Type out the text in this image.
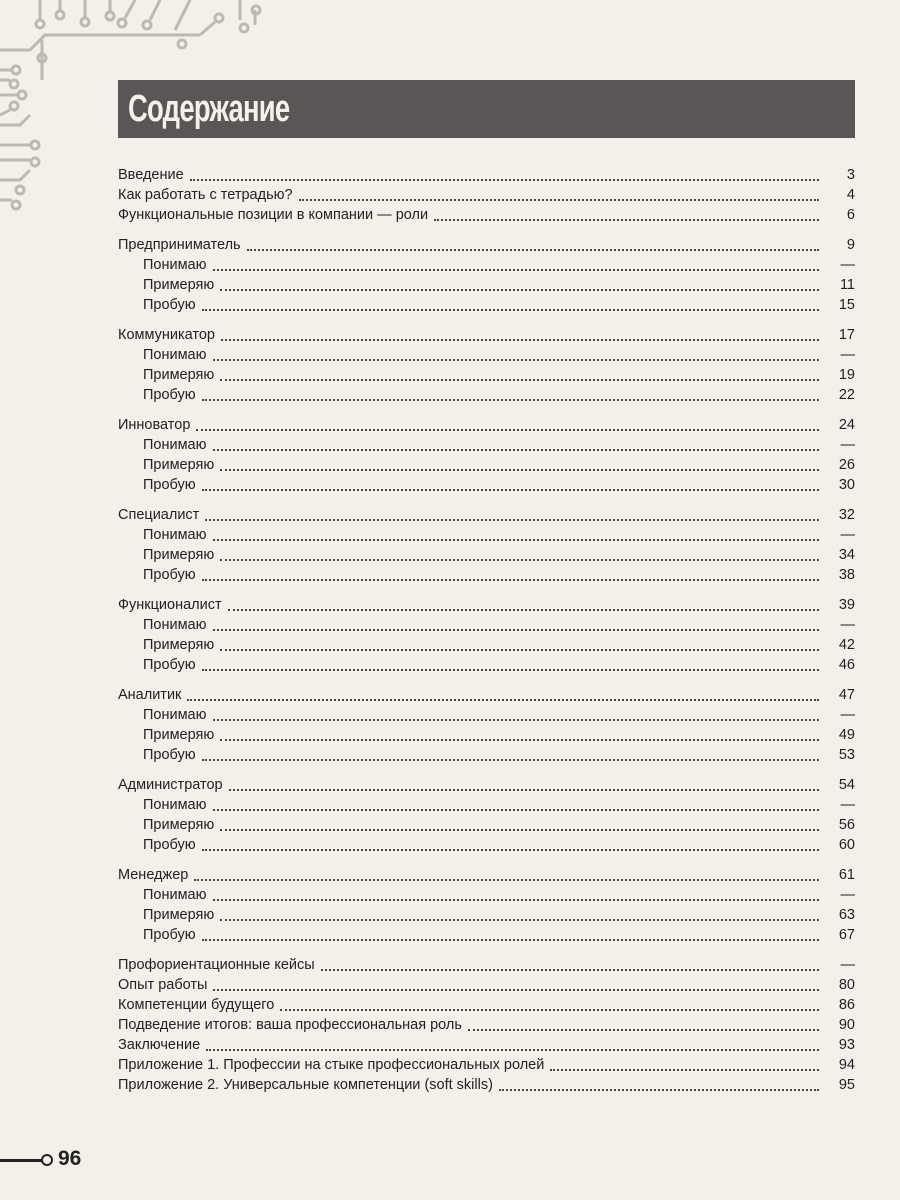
Содержание
Введение	3
Как работать с тетрадью?	4
Функциональные позиции в компании — роли	6
Предприниматель	9
Понимаю	—
Примеряю	11
Пробую	15
Коммуникатор	17
Понимаю	—
Примеряю	19
Пробую	22
Инноватор	24
Понимаю	—
Примеряю	26
Пробую	30
Специалист	32
Понимаю	—
Примеряю	34
Пробую	38
Функционалист	39
Понимаю	—
Примеряю	42
Пробую	46
Аналитик	47
Понимаю	—
Примеряю	49
Пробую	53
Администратор	54
Понимаю	—
Примеряю	56
Пробую	60
Менеджер	61
Понимаю	—
Примеряю	63
Пробую	67
Профориентационные кейсы	—
Опыт работы	80
Компетенции будущего	86
Подведение итогов: ваша профессиональная роль	90
Заключение	93
Приложение 1. Профессии на стыке профессиональных ролей	94
Приложение 2. Универсальные компетенции (soft skills)	95
96
